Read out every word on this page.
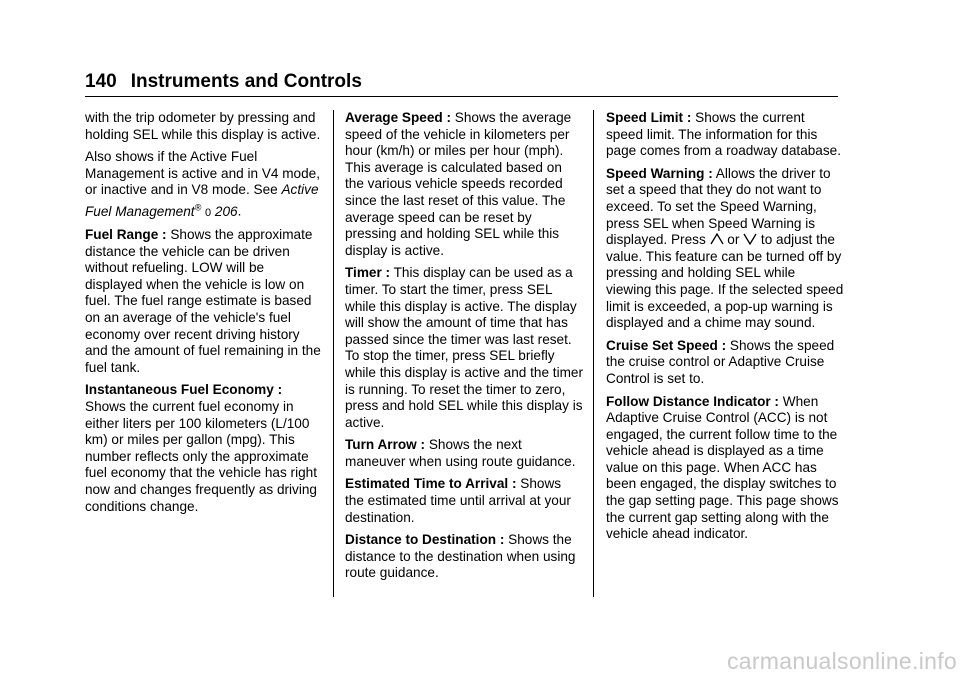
140 Instruments and Controls

with the trip odometer by pressing and holding SEL while this display is active.

Also shows if the Active Fuel Management is active and in V4 mode, or inactive and in V8 mode. See Active Fuel Management® 0 206.

Fuel Range : Shows the approximate distance the vehicle can be driven without refueling. LOW will be displayed when the vehicle is low on fuel. The fuel range estimate is based on an average of the vehicle's fuel economy over recent driving history and the amount of fuel remaining in the fuel tank.

Instantaneous Fuel Economy : Shows the current fuel economy in either liters per 100 kilometers (L/100 km) or miles per gallon (mpg). This number reflects only the approximate fuel economy that the vehicle has right now and changes frequently as driving conditions change.

Average Speed : Shows the average speed of the vehicle in kilometers per hour (km/h) or miles per hour (mph). This average is calculated based on the various vehicle speeds recorded since the last reset of this value. The average speed can be reset by pressing and holding SEL while this display is active.

Timer : This display can be used as a timer. To start the timer, press SEL while this display is active. The display will show the amount of time that has passed since the timer was last reset. To stop the timer, press SEL briefly while this display is active and the timer is running. To reset the timer to zero, press and hold SEL while this display is active.

Turn Arrow : Shows the next maneuver when using route guidance.

Estimated Time to Arrival : Shows the estimated time until arrival at your destination.

Distance to Destination : Shows the distance to the destination when using route guidance.

Speed Limit : Shows the current speed limit. The information for this page comes from a roadway database.

Speed Warning : Allows the driver to set a speed that they do not want to exceed. To set the Speed Warning, press SEL when Speed Warning is displayed. Press  or  to adjust the value. This feature can be turned off by pressing and holding SEL while viewing this page. If the selected speed limit is exceeded, a pop-up warning is displayed and a chime may sound.

Cruise Set Speed : Shows the speed the cruise control or Adaptive Cruise Control is set to.

Follow Distance Indicator : When Adaptive Cruise Control (ACC) is not engaged, the current follow time to the vehicle ahead is displayed as a time value on this page. When ACC has been engaged, the display switches to the gap setting page. This page shows the current gap setting along with the vehicle ahead indicator.

carmanualsonline.info
